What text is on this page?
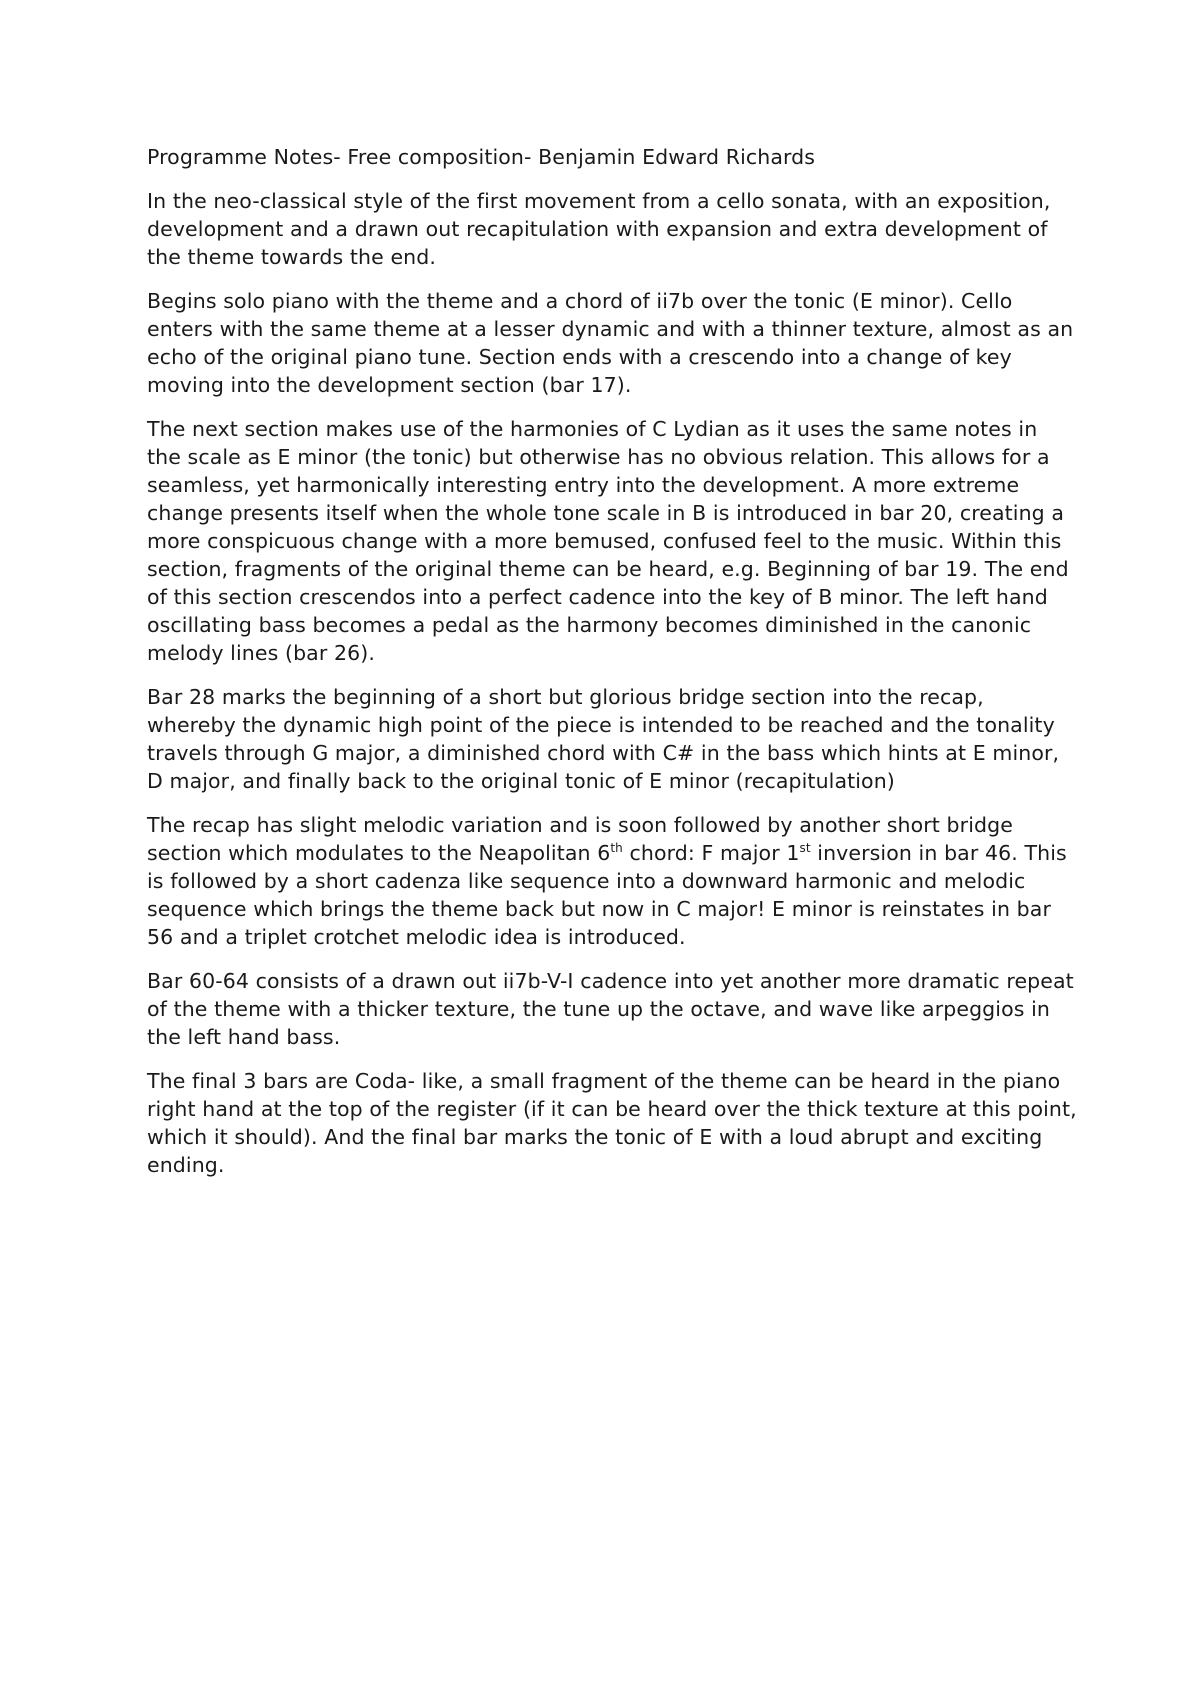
Programme Notes- Free composition- Benjamin Edward Richards

In the neo-classical style of the first movement from a cello sonata, with an exposition, development and a drawn out recapitulation with expansion and extra development of the theme towards the end.

Begins solo piano with the theme and a chord of ii7b over the tonic (E minor). Cello enters with the same theme at a lesser dynamic and with a thinner texture, almost as an echo of the original piano tune. Section ends with a crescendo into a change of key moving into the development section (bar 17).

The next section makes use of the harmonies of C Lydian as it uses the same notes in the scale as E minor (the tonic) but otherwise has no obvious relation. This allows for a seamless, yet harmonically interesting entry into the development. A more extreme change presents itself when the whole tone scale in B is introduced in bar 20, creating a more conspicuous change with a more bemused, confused feel to the music. Within this section, fragments of the original theme can be heard, e.g. Beginning of bar 19. The end of this section crescendos into a perfect cadence into the key of B minor. The left hand oscillating bass becomes a pedal as the harmony becomes diminished in the canonic melody lines (bar 26).

Bar 28 marks the beginning of a short but glorious bridge section into the recap, whereby the dynamic high point of the piece is intended to be reached and the tonality travels through G major, a diminished chord with C# in the bass which hints at E minor, D major, and finally back to the original tonic of E minor (recapitulation)

The recap has slight melodic variation and is soon followed by another short bridge section which modulates to the Neapolitan 6th chord: F major 1st inversion in bar 46. This is followed by a short cadenza like sequence into a downward harmonic and melodic sequence which brings the theme back but now in C major! E minor is reinstates in bar 56 and a triplet crotchet melodic idea is introduced.

Bar 60-64 consists of a drawn out ii7b-V-I cadence into yet another more dramatic repeat of the theme with a thicker texture, the tune up the octave, and wave like arpeggios in the left hand bass.

The final 3 bars are Coda- like, a small fragment of the theme can be heard in the piano right hand at the top of the register (if it can be heard over the thick texture at this point, which it should). And the final bar marks the tonic of E with a loud abrupt and exciting ending.
